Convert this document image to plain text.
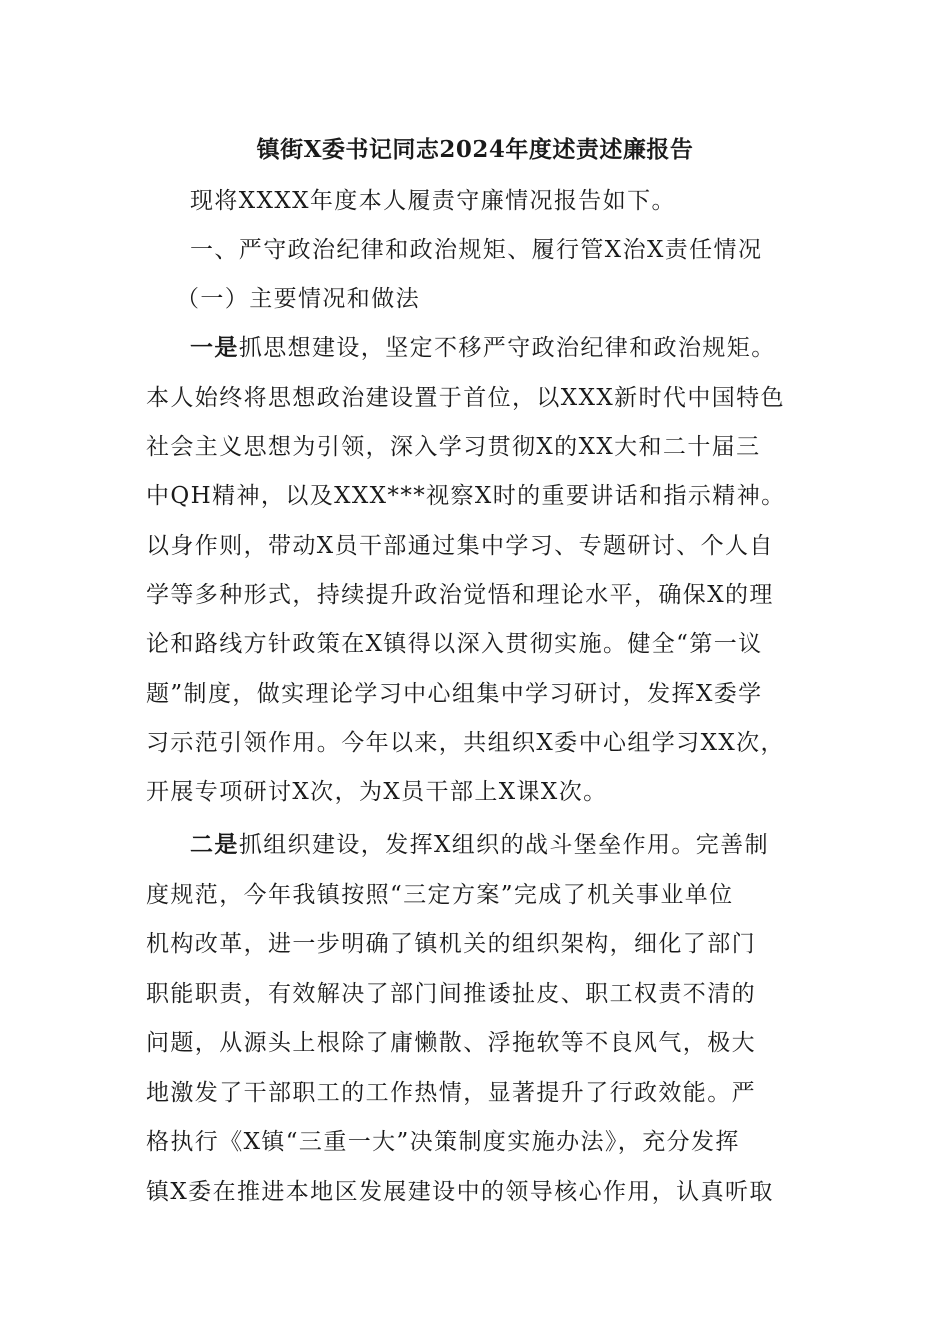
镇街X委书记同志2024年度述责述廉报告
现将XXXX年度本人履责守廉情况报告如下。
一、严守政治纪律和政治规矩、履行管X治X责任情况
（一）主要情况和做法
一是抓思想建设，坚定不移严守政治纪律和政治规矩。
本人始终将思想政治建设置于首位，以XXX新时代中国特色
社会主义思想为引领，深入学习贯彻X的XX大和二十届三
中QH精神，以及XXX***视察X时的重要讲话和指示精神。
以身作则，带动X员干部通过集中学习、专题研讨、个人自
学等多种形式，持续提升政治觉悟和理论水平，确保X的理
论和路线方针政策在X镇得以深入贯彻实施。健全“第一议
题”制度，做实理论学习中心组集中学习研讨，发挥X委学
习示范引领作用。今年以来，共组织X委中心组学习XX次，
开展专项研讨X次，为X员干部上X课X次。
二是抓组织建设，发挥X组织的战斗堡垒作用。完善制
度规范，今年我镇按照“三定方案”完成了机关事业单位
机构改革，进一步明确了镇机关的组织架构，细化了部门
职能职责，有效解决了部门间推诿扯皮、职工权责不清的
问题，从源头上根除了庸懒散、浮拖软等不良风气，极大
地激发了干部职工的工作热情，显著提升了行政效能。严
格执行《X镇“三重一大”决策制度实施办法》，充分发挥
镇X委在推进本地区发展建设中的领导核心作用，认真听取
